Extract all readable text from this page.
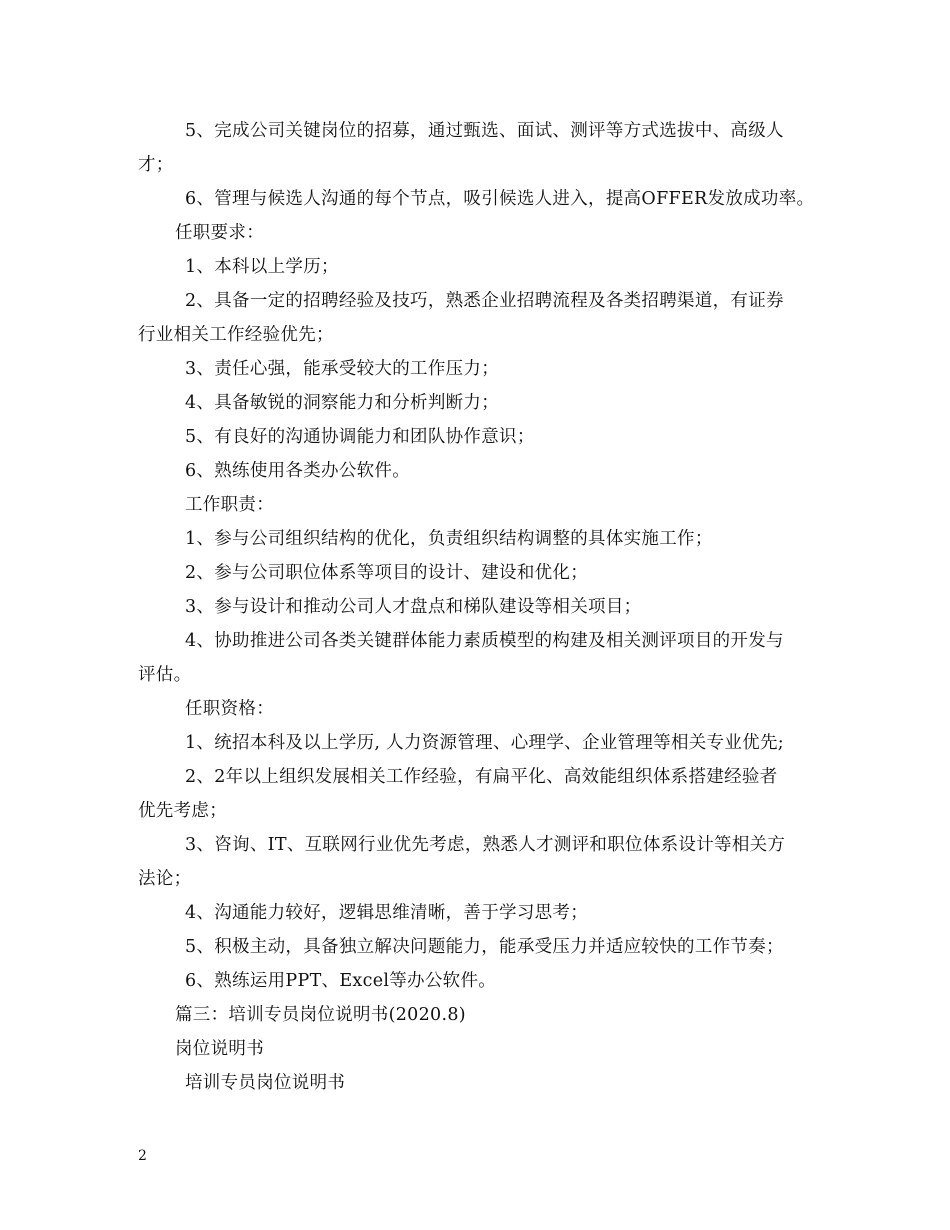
5、完成公司关键岗位的招募，通过甄选、面试、测评等方式选拔中、高级人
才；
6、管理与候选人沟通的每个节点，吸引候选人进入，提高OFFER发放成功率。
任职要求：
1、本科以上学历；
2、具备一定的招聘经验及技巧，熟悉企业招聘流程及各类招聘渠道，有证券
行业相关工作经验优先；
3、责任心强，能承受较大的工作压力；
4、具备敏锐的洞察能力和分析判断力；
5、有良好的沟通协调能力和团队协作意识；
6、熟练使用各类办公软件。
工作职责：
1、参与公司组织结构的优化，负责组织结构调整的具体实施工作；
2、参与公司职位体系等项目的设计、建设和优化；
3、参与设计和推动公司人才盘点和梯队建设等相关项目；
4、协助推进公司各类关键群体能力素质模型的构建及相关测评项目的开发与
评估。
任职资格：
1、统招本科及以上学历, 人力资源管理、心理学、企业管理等相关专业优先;
2、2年以上组织发展相关工作经验，有扁平化、高效能组织体系搭建经验者
优先考虑；
3、咨询、IT、互联网行业优先考虑，熟悉人才测评和职位体系设计等相关方
法论；
4、沟通能力较好，逻辑思维清晰，善于学习思考；
5、积极主动，具备独立解决问题能力，能承受压力并适应较快的工作节奏；
6、熟练运用PPT、Excel等办公软件。
篇三：培训专员岗位说明书(2020.8)
岗位说明书
培训专员岗位说明书
2
